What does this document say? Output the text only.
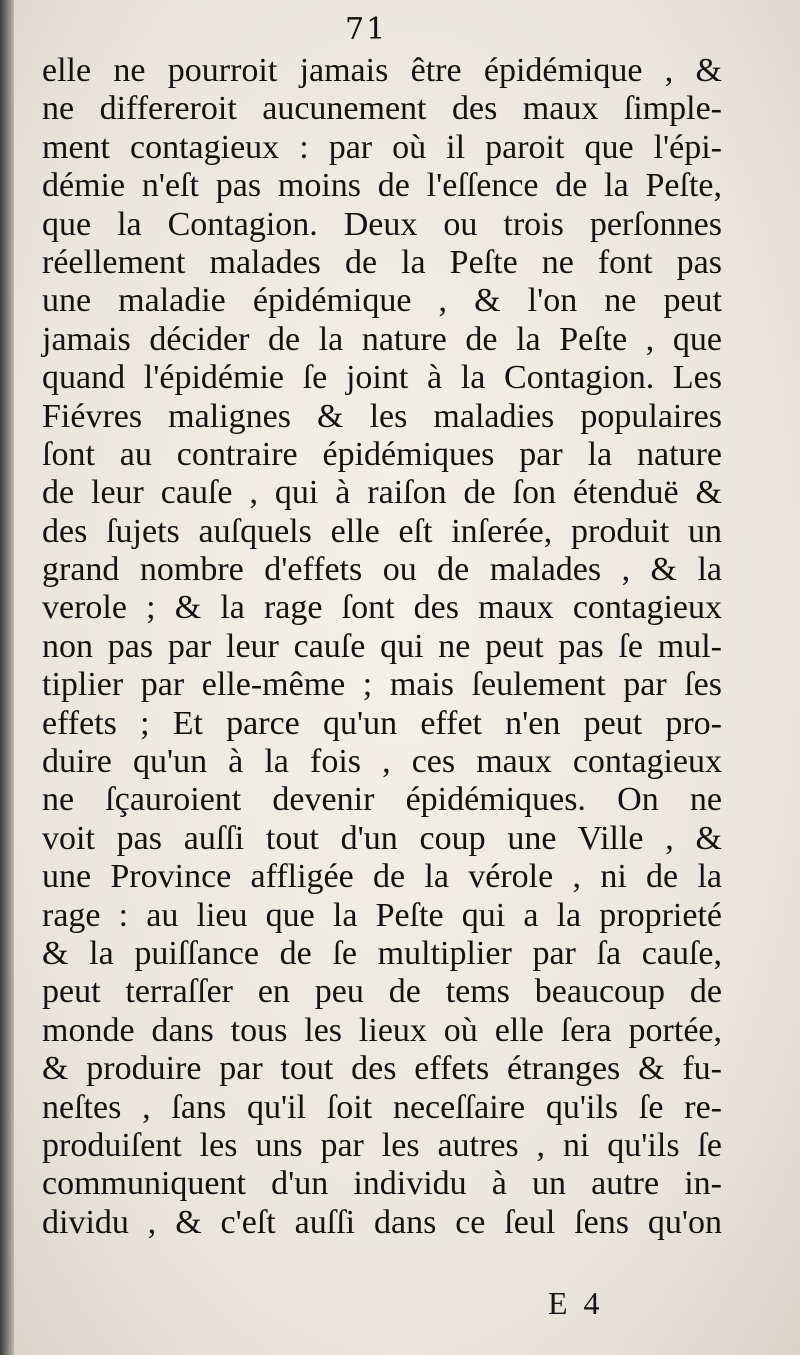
71
elle ne pourroit jamais être épidémique , &
ne differeroit aucunement des maux ſimple-
ment contagieux : par où il paroit que l'épi-
démie n'eſt pas moins de l'eſſence de la Peſte,
que la Contagion. Deux ou trois perſonnes
réellement malades de la Peſte ne font pas
une maladie épidémique , & l'on ne peut
jamais décider de la nature de la Peſte , que
quand l'épidémie ſe joint à la Contagion. Les
Fiévres malignes & les maladies populaires
ſont au contraire épidémiques par la nature
de leur cauſe , qui à raiſon de ſon étenduë &
des ſujets auſquels elle eſt inſerée, produit un
grand nombre d'effets ou de malades , & la
verole ; & la rage ſont des maux contagieux
non pas par leur cauſe qui ne peut pas ſe mul-
tiplier par elle-même ; mais ſeulement par ſes
effets ; Et parce qu'un effet n'en peut pro-
duire qu'un à la fois , ces maux contagieux
ne ſçauroient devenir épidémiques. On ne
voit pas auſſi tout d'un coup une Ville , &
une Province affligée de la vérole , ni de la
rage : au lieu que la Peſte qui a la proprieté
& la puiſſance de ſe multiplier par ſa cauſe,
peut terraſſer en peu de tems beaucoup de
monde dans tous les lieux où elle ſera portée,
& produire par tout des effets étranges & fu-
neſtes , ſans qu'il ſoit neceſſaire qu'ils ſe re-
produiſent les uns par les autres , ni qu'ils ſe
communiquent d'un individu à un autre in-
dividu , & c'eſt auſſi dans ce ſeul ſens qu'on
E  4
